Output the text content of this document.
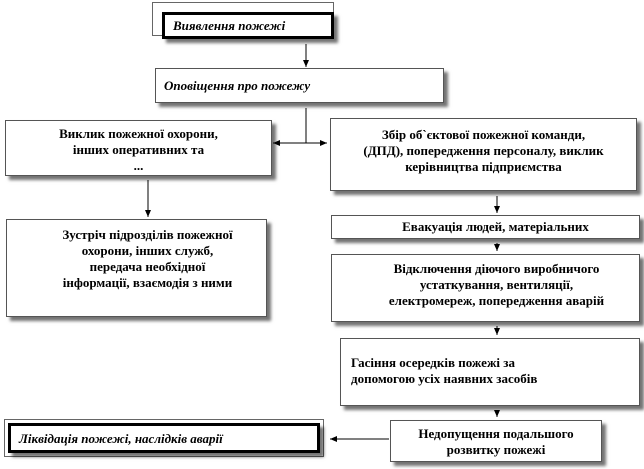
Виявлення пожежі
Оповіщення про пожежу
Виклик пожежної охорони,
інших оперативних та
...
Збір об`єктової пожежної команди,
(ДПД), попередження персоналу, виклик
керівництва підприємства
Зустріч підрозділів пожежної
охорони, інших служб,
передача необхідної
інформації, взаємодія з ними
Евакуація людей, матеріальних
Відключення діючого виробничого
устаткування, вентиляції,
електромереж, попередження аварій
Гасіння осередків пожежі за
допомогою усіх наявних засобів
Недопущення подальшого
розвитку пожежі
Ліквідація пожежі, наслідків аварії
